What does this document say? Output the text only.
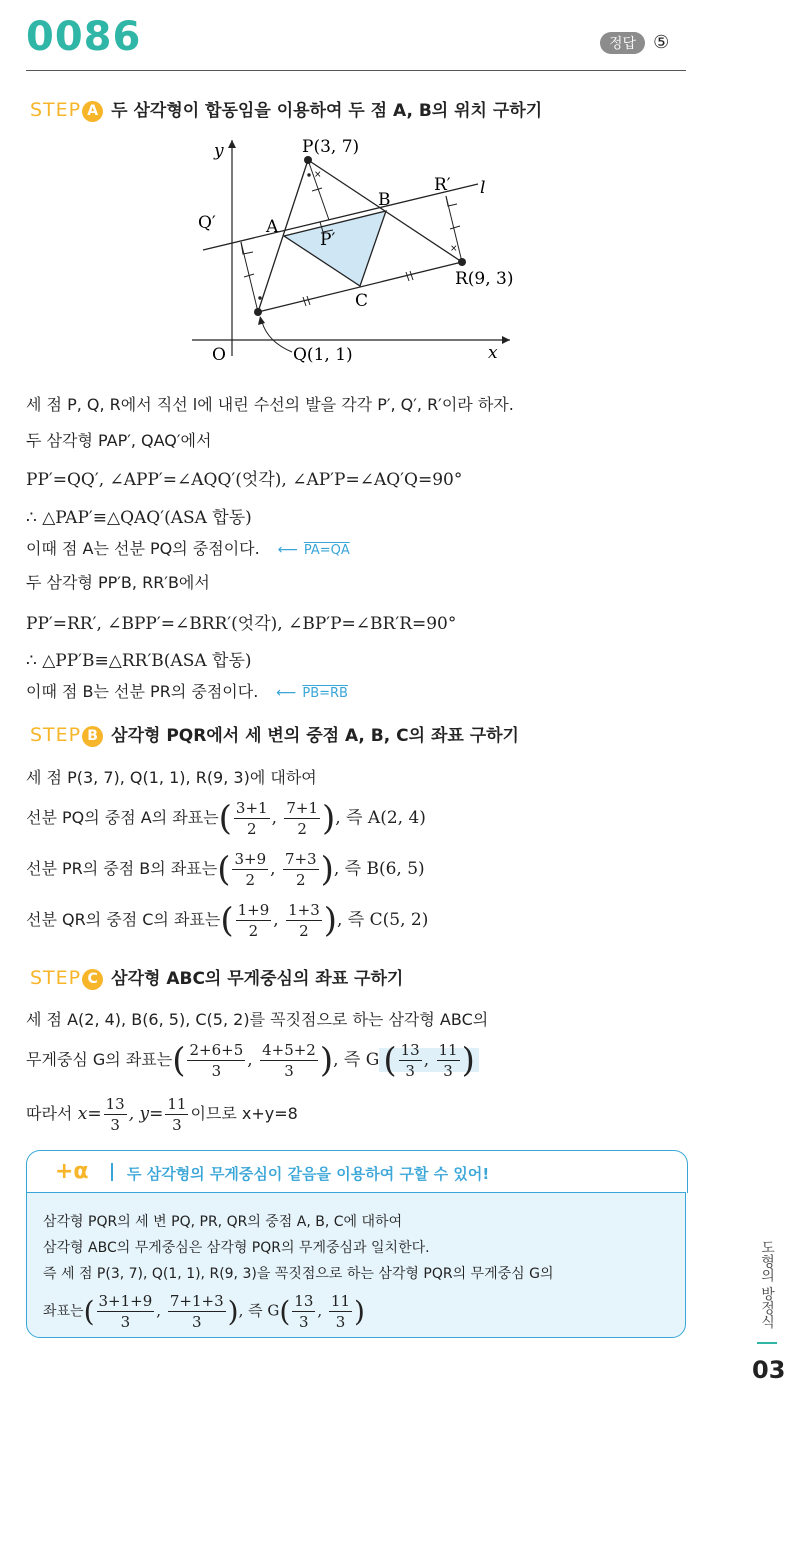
0086	정답 ⑤
STEP A 두 삼각형이 합동임을 이용하여 두 점 A, B의 위치 구하기
×
×
y
x
O
P(3, 7)
Q(1, 1)
R(9, 3)
A
B
C
P′
Q′
R′ l
세 점 P, Q, R에서 직선 l에 내린 수선의 발을 각각 P′, Q′, R′이라 하자.
두 삼각형 PAP′, QAQ′에서
PP′=QQ′, ∠APP′=∠AQQ′(엇각), ∠AP′P=∠AQ′Q=90°
∴ △PAP′≡△QAQ′(ASA 합동)
이때 점 A는 선분 PQ의 중점이다. ⟵ PA=QA
두 삼각형 PP′B, RR′B에서
PP′=RR′, ∠BPP′=∠BRR′(엇각), ∠BP′P=∠BR′R=90°
∴ △PP′B≡△RR′B(ASA 합동)
이때 점 B는 선분 PR의 중점이다. ⟵ PB=RB
STEP B 삼각형 PQR에서 세 변의 중점 A, B, C의 좌표 구하기
세 점 P(3, 7), Q(1, 1), R(9, 3)에 대하여
선분 PQ의 중점 A의 좌표는( $\frac{3+1}{2}$ , $\frac{7+1}{2}$ ), 즉 A(2, 4)
선분 PR의 중점 B의 좌표는( $\frac{3+9}{2}$ , $\frac{7+3}{2}$ ), 즉 B(6, 5)
선분 QR의 중점 C의 좌표는( $\frac{1+9}{2}$ , $\frac{1+3}{2}$ ), 즉 C(5, 2)
STEP C 삼각형 ABC의 무게중심의 좌표 구하기
세 점 A(2, 4), B(6, 5), C(5, 2)를 꼭짓점으로 하는 삼각형 ABC의
무게중심 G의 좌표는( $\frac{2+6+5}{3}$ , $\frac{4+5+2}{3}$ ), 즉 G ( $\frac{13}{3}$ , $\frac{11}{3}$ )
따라서 $x= \frac{13}{3}$ , $y= \frac{11}{3}$ 이므로 x+y=8
+α	두 삼각형의 무게중심이 같음을 이용하여 구할 수 있어!
삼각형 PQR의 세 변 PQ, PR, QR의 중점 A, B, C에 대하여
삼각형 ABC의 무게중심은 삼각형 PQR의 무게중심과 일치한다.
즉 세 점 P(3, 7), Q(1, 1), R(9, 3)을 꼭짓점으로 하는 삼각형 PQR의 무게중심 G의
좌표는( $\frac{3+1+9}{3}$ , $\frac{7+1+3}{3}$ ), 즉 $G( \frac{13}{3}$ , $\frac{11}{3}$ )	도형의 방정식
03
